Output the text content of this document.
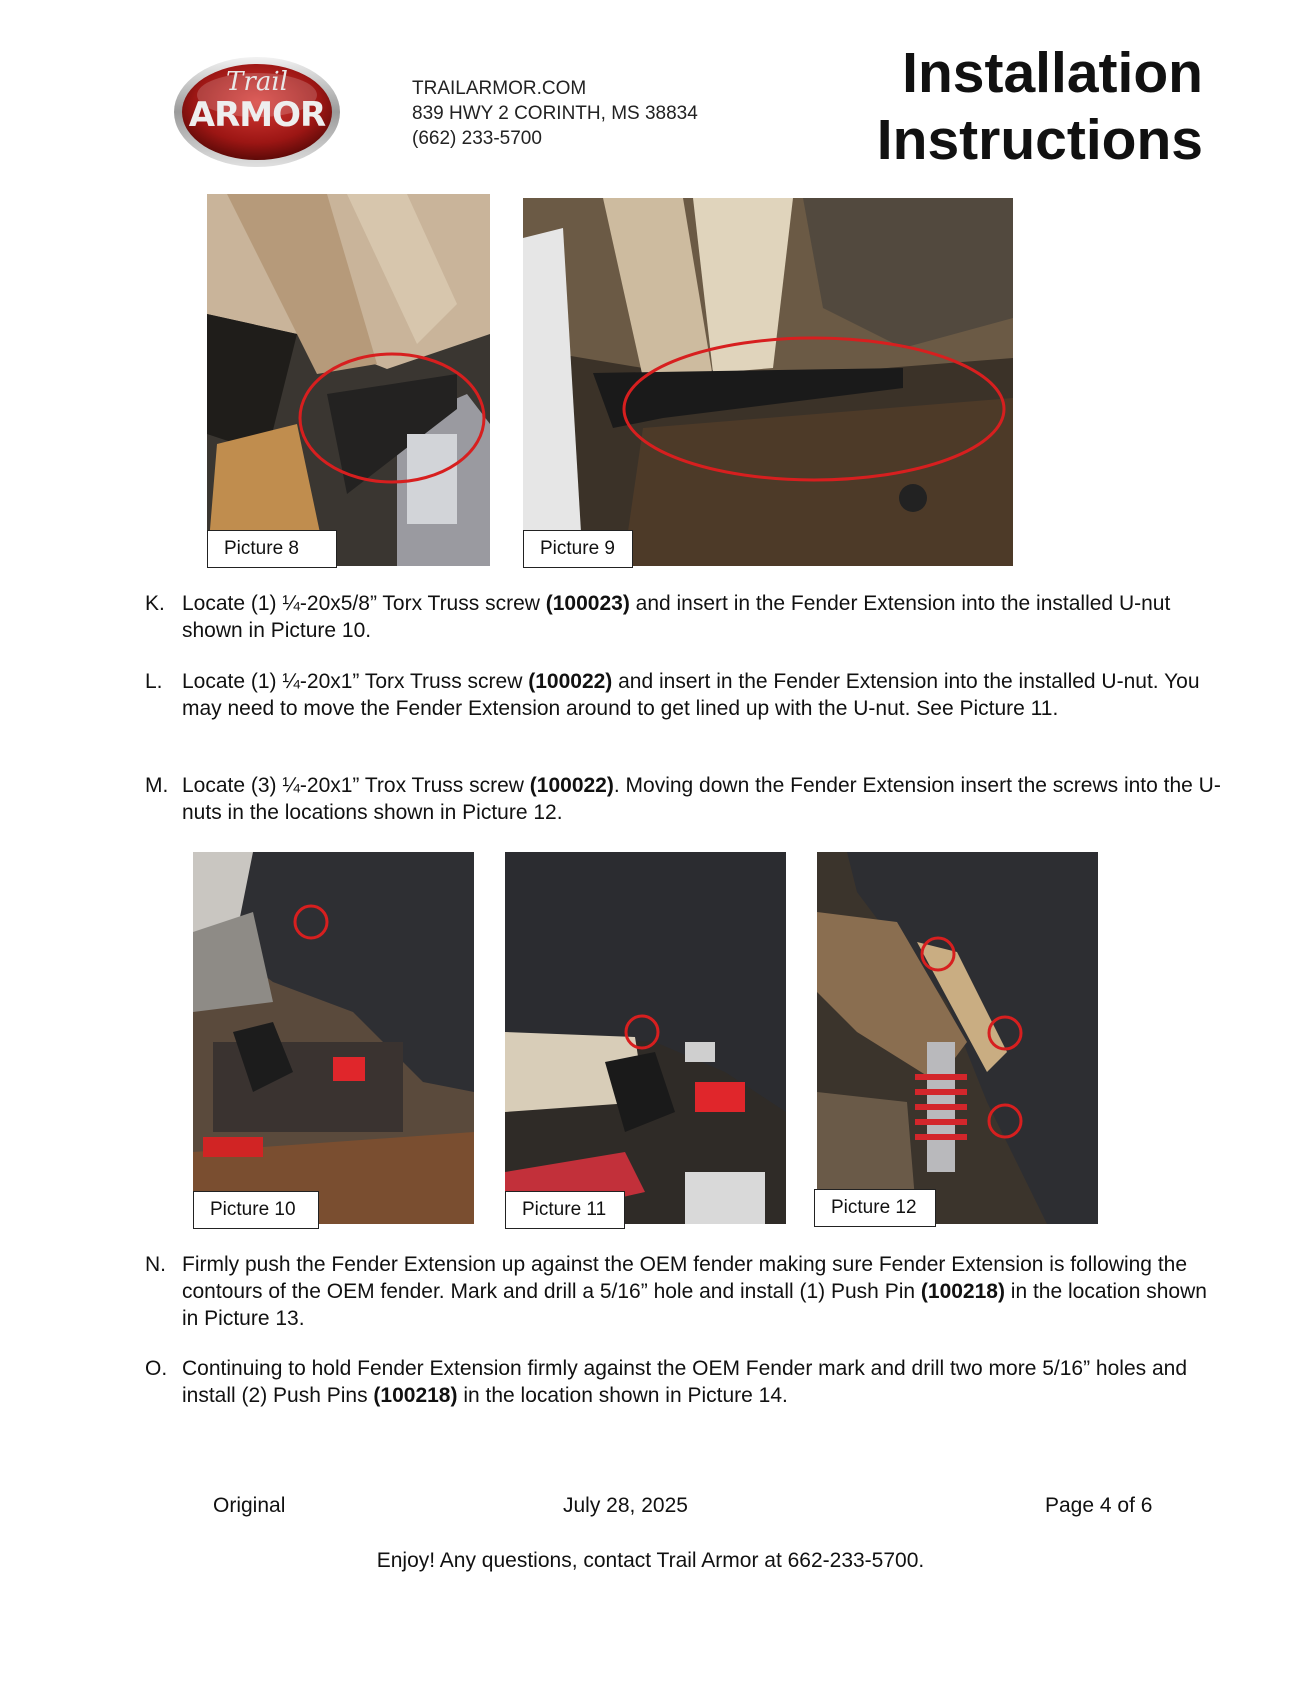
Trail
ARMOR
TRAILARMOR.COM
839 HWY 2 CORINTH, MS 38834
(662) 233-5700
Installation
Instructions
Picture 8	Picture 9
K. Locate (1) ¼-20x5/8” Torx Truss screw (100023) and insert in the Fender Extension into the installed U-nut shown in Picture 10.
L. Locate (1) ¼-20x1” Torx Truss screw (100022) and insert in the Fender Extension into the installed U-nut. You may need to move the Fender Extension around to get lined up with the U-nut. See Picture 11.
M. Locate (3) ¼-20x1” Trox Truss screw (100022). Moving down the Fender Extension insert the screws into the U-nuts in the locations shown in Picture 12.
Picture 10	Picture 11	Picture 12
N. Firmly push the Fender Extension up against the OEM fender making sure Fender Extension is following the contours of the OEM fender. Mark and drill a 5/16” hole and install (1) Push Pin (100218) in the location shown in Picture 13.
O. Continuing to hold Fender Extension firmly against the OEM Fender mark and drill two more 5/16” holes and install (2) Push Pins (100218) in the location shown in Picture 14.
Original	July 28, 2025	Page 4 of 6
Enjoy! Any questions, contact Trail Armor at 662-233-5700.
